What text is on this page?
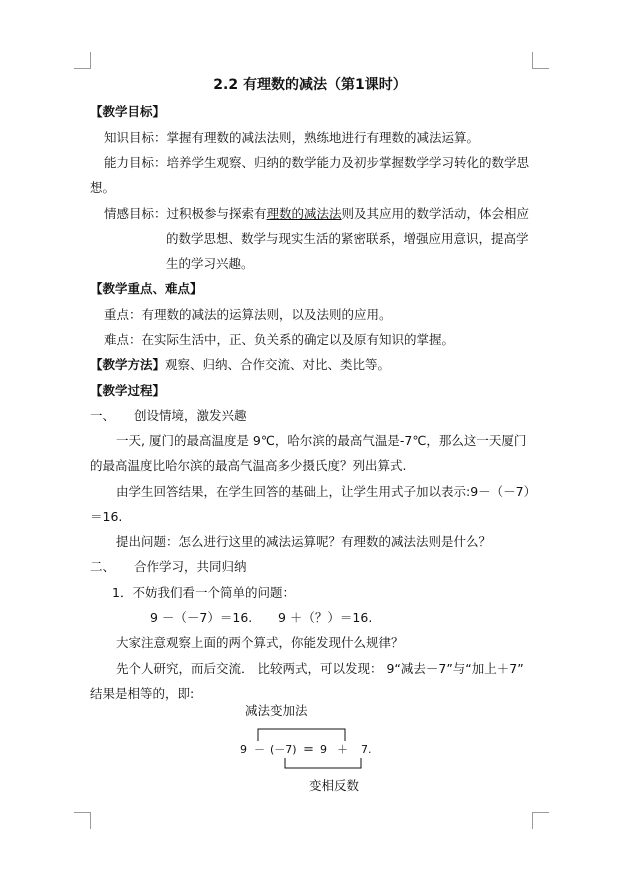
2.2 有理数的减法（第1课时）
【教学目标】
知识目标：掌握有理数的减法法则，熟练地进行有理数的减法运算。
能力目标：培养学生观察、归纳的数学能力及初步掌握数学学习转化的数学思
想。
情感目标：过积极参与探索有理数的减法法则及其应用的数学活动，体会相应
的数学思想、数学与现实生活的紧密联系，增强应用意识，提高学
生的学习兴趣。
【教学重点、难点】
重点：有理数的减法的运算法则，以及法则的应用。
难点：在实际生活中，正、负关系的确定以及原有知识的掌握。
【教学方法】观察、归纳、合作交流、对比、类比等。
【教学过程】
一、 创设情境，激发兴趣
一天, 厦门的最高温度是 9℃，哈尔滨的最高气温是-7℃，那么这一天厦门
的最高温度比哈尔滨的最高气温高多少摄氏度？列出算式.
由学生回答结果，在学生回答的基础上，让学生用式子加以表示:9－（－7）
＝16.
提出问题：怎么进行这里的减法运算呢？有理数的减法法则是什么？
二、 合作学习，共同归纳
1．不妨我们看一个简单的问题：
9 －（－7）＝16. 9 ＋（？）＝16.
大家注意观察上面的两个算式，你能发现什么规律？
先个人研究，而后交流． 比较两式，可以发现： 9“减去－7”与“加上＋7”
结果是相等的，即:
减法变加法
9 － (－7) ＝ 9 ＋ 7.
变相反数
